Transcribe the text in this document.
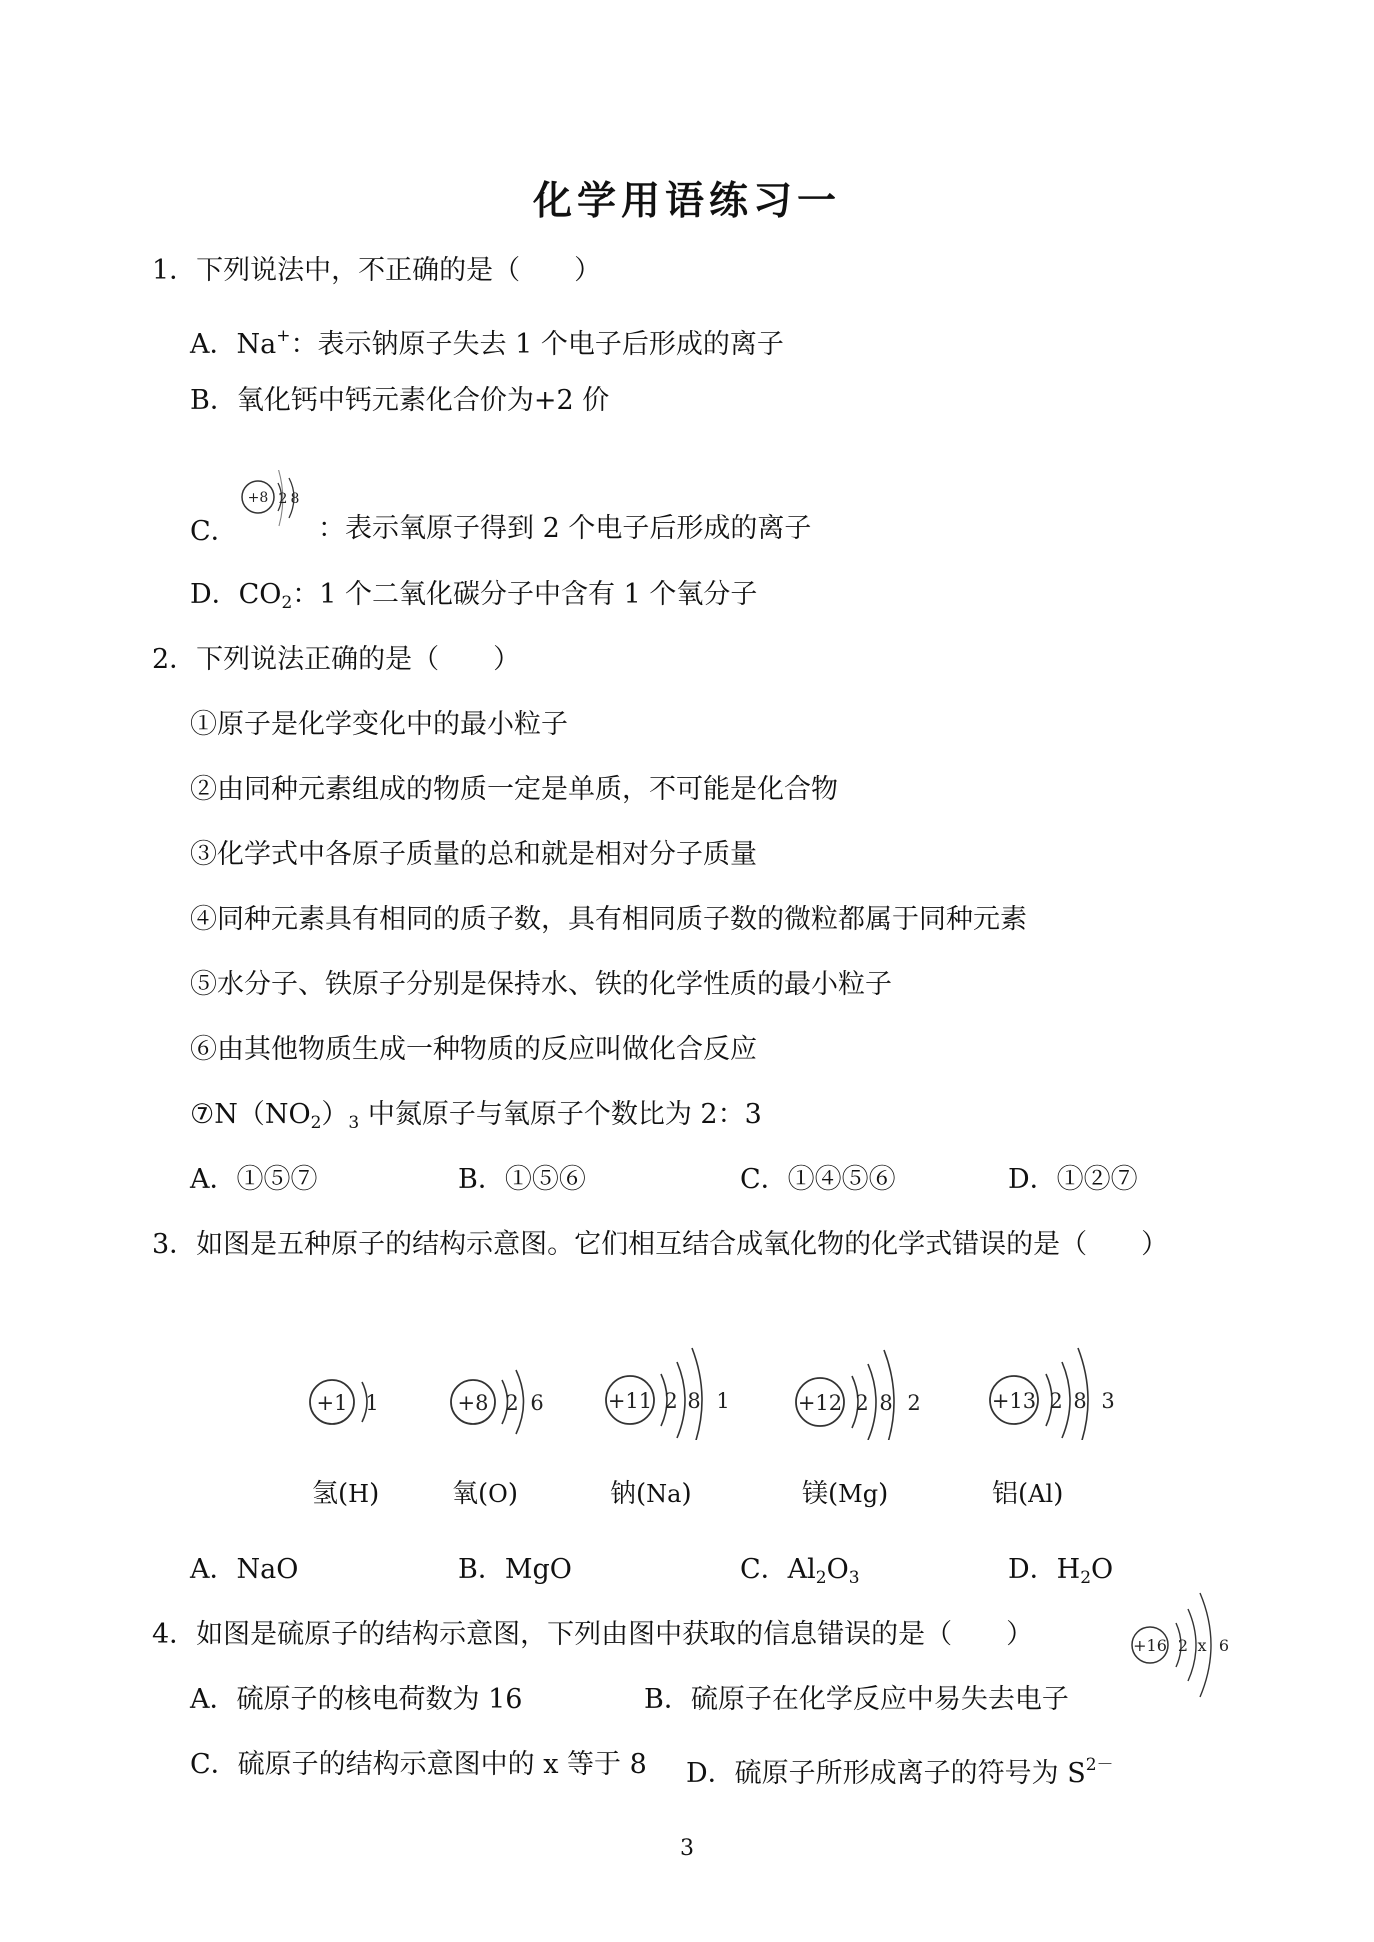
化学用语练习一
1．下列说法中，不正确的是（　　）
A．Na+：表示钠原子失去 1 个电子后形成的离子
B．氧化钙中钙元素化合价为+2 价
+8 2 8
C．	：表示氧原子得到 2 个电子后形成的离子
D．$CO_2$：1 个二氧化碳分子中含有 1 个氧分子
2．下列说法正确的是（　　）
①原子是化学变化中的最小粒子
②由同种元素组成的物质一定是单质，不可能是化合物
③化学式中各原子质量的总和就是相对分子质量
④同种元素具有相同的质子数，具有相同质子数的微粒都属于同种元素
⑤水分子、铁原子分别是保持水、铁的化学性质的最小粒子
⑥由其他物质生成一种物质的反应叫做化合反应
$⑦N(NO_2)_3$ 中氮原子与氧原子个数比为 2：3
A．①⑤⑦	B．①⑤⑥	C．①④⑤⑥	D．①②⑦
3．如图是五种原子的结构示意图。它们相互结合成氧化物的化学式错误的是（　　）
+1 1	+8 2 6	+11 2 8 1	+12 2 8 2	+13 2 8 3
氢(H)	氧(O)	钠(Na)	镁(Mg)	铝(Al)
A．NaO	B．MgO	C．$Al_2O_3$	D．$H_2O$
4．如图是硫原子的结构示意图，下列由图中获取的信息错误的是（　　）	+16 2 x 6
A．硫原子的核电荷数为 16	B．硫原子在化学反应中易失去电子
C．硫原子的结构示意图中的 x 等于 8 D．硫原子所形成离子的符号为 $S^{2-}$
3
